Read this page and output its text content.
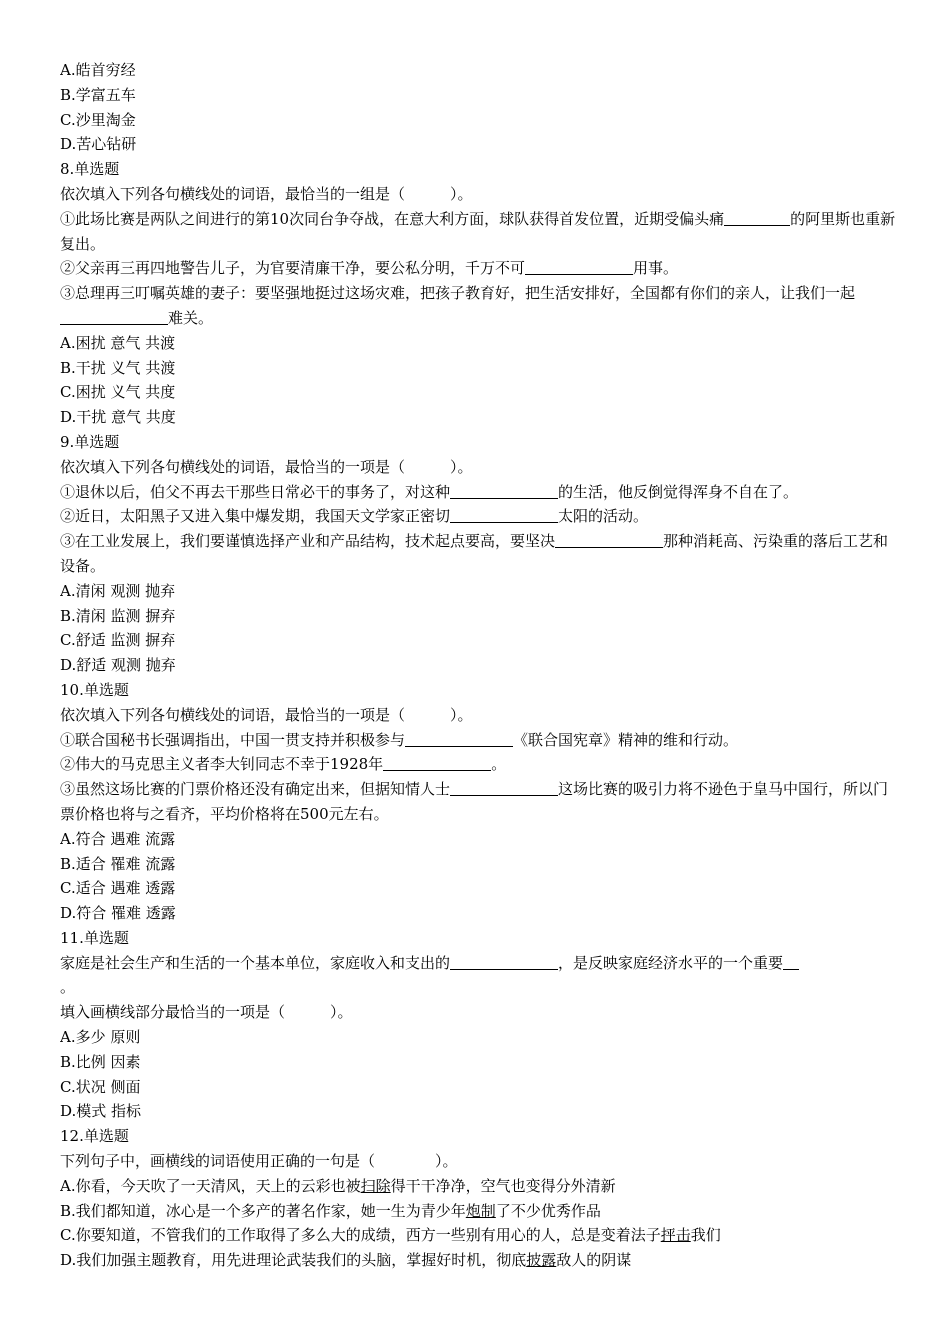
A.皓首穷经
B.学富五车
C.沙里淘金
D.苦心钻研
8.单选题
依次填入下列各句横线处的词语，最恰当的一组是（　　　）。
①此场比赛是两队之间进行的第10次同台争夺战，在意大利方面，球队获得首发位置，近期受偏头痛	的阿里斯也重新复出。
②父亲再三再四地警告儿子，为官要清廉干净，要公私分明，千万不可	用事。
③总理再三叮嘱英雄的妻子：要坚强地挺过这场灾难，把孩子教育好，把生活安排好，全国都有你们的亲人，让我们一起难关。
A.困扰 意气 共渡
B.干扰 义气 共渡
C.困扰 义气 共度
D.干扰 意气 共度
9.单选题
依次填入下列各句横线处的词语，最恰当的一项是（　　　）。
①退休以后，伯父不再去干那些日常必干的事务了，对这种	的生活，他反倒觉得浑身不自在了。
②近日，太阳黑子又进入集中爆发期，我国天文学家正密切	太阳的活动。
③在工业发展上，我们要谨慎选择产业和产品结构，技术起点要高，要坚决	那种消耗高、污染重的落后工艺和设备。
A.清闲 观测 抛弃
B.清闲 监测 摒弃
C.舒适 监测 摒弃
D.舒适 观测 抛弃
10.单选题
依次填入下列各句横线处的词语，最恰当的一项是（　　　）。
①联合国秘书长强调指出，中国一贯支持并积极参与	《联合国宪章》精神的维和行动。
②伟大的马克思主义者李大钊同志不幸于1928年	。
③虽然这场比赛的门票价格还没有确定出来，但据知情人士	这场比赛的吸引力将不逊色于皇马中国行，所以门票价格也将与之看齐，平均价格将在500元左右。
A.符合 遇难 流露
B.适合 罹难 流露
C.适合 遇难 透露
D.符合 罹难 透露
11.单选题
家庭是社会生产和生活的一个基本单位，家庭收入和支出的	，是反映家庭经济水平的一个重要
。
填入画横线部分最恰当的一项是（　　　）。
A.多少 原则
B.比例 因素
C.状况 侧面
D.模式 指标
12.单选题
下列句子中，画横线的词语使用正确的一句是（　　　　）。
A.你看，今天吹了一天清风，天上的云彩也被扫除得干干净净，空气也变得分外清新
B.我们都知道，冰心是一个多产的著名作家，她一生为青少年炮制了不少优秀作品
C.你要知道，不管我们的工作取得了多么大的成绩，西方一些别有用心的人，总是变着法子抨击我们
D.我们加强主题教育，用先进理论武装我们的头脑，掌握好时机，彻底披露敌人的阴谋
